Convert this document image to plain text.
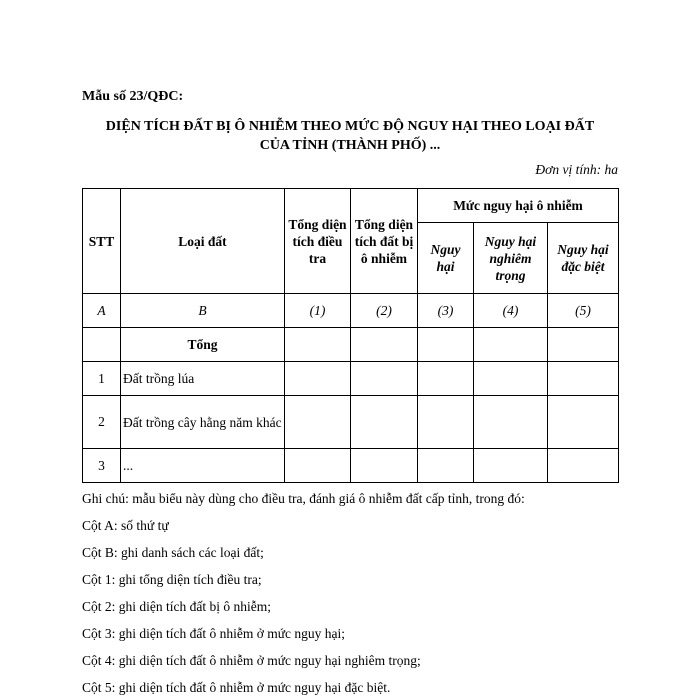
Mẫu số 23/QĐC:
DIỆN TÍCH ĐẤT BỊ Ô NHIỄM THEO MỨC ĐỘ NGUY HẠI THEO LOẠI ĐẤT
CỦA TỈNH (THÀNH PHỐ) ...
Đơn vị tính: ha
STT	Loại đất	Tổng diện tích điều tra	Tổng diện tích đất bị ô nhiễm	Mức nguy hại ô nhiễm		
				Nguy hại	Nguy hại nghiêm trọng	Nguy hại đặc biệt
A	B	(1)	(2)	(3)	(4)	(5)
	Tổng					
1	Đất trồng lúa					
2	Đất trồng cây hằng năm khác					
3	...					
Ghi chú: mẫu biểu này dùng cho điều tra, đánh giá ô nhiễm đất cấp tỉnh, trong đó:
Cột A: số thứ tự
Cột B: ghi danh sách các loại đất;
Cột 1: ghi tổng diện tích điều tra;
Cột 2: ghi diện tích đất bị ô nhiễm;
Cột 3: ghi diện tích đất ô nhiễm ở mức nguy hại;
Cột 4: ghi diện tích đất ô nhiễm ở mức nguy hại nghiêm trọng;
Cột 5: ghi diện tích đất ô nhiễm ở mức nguy hại đặc biệt.
